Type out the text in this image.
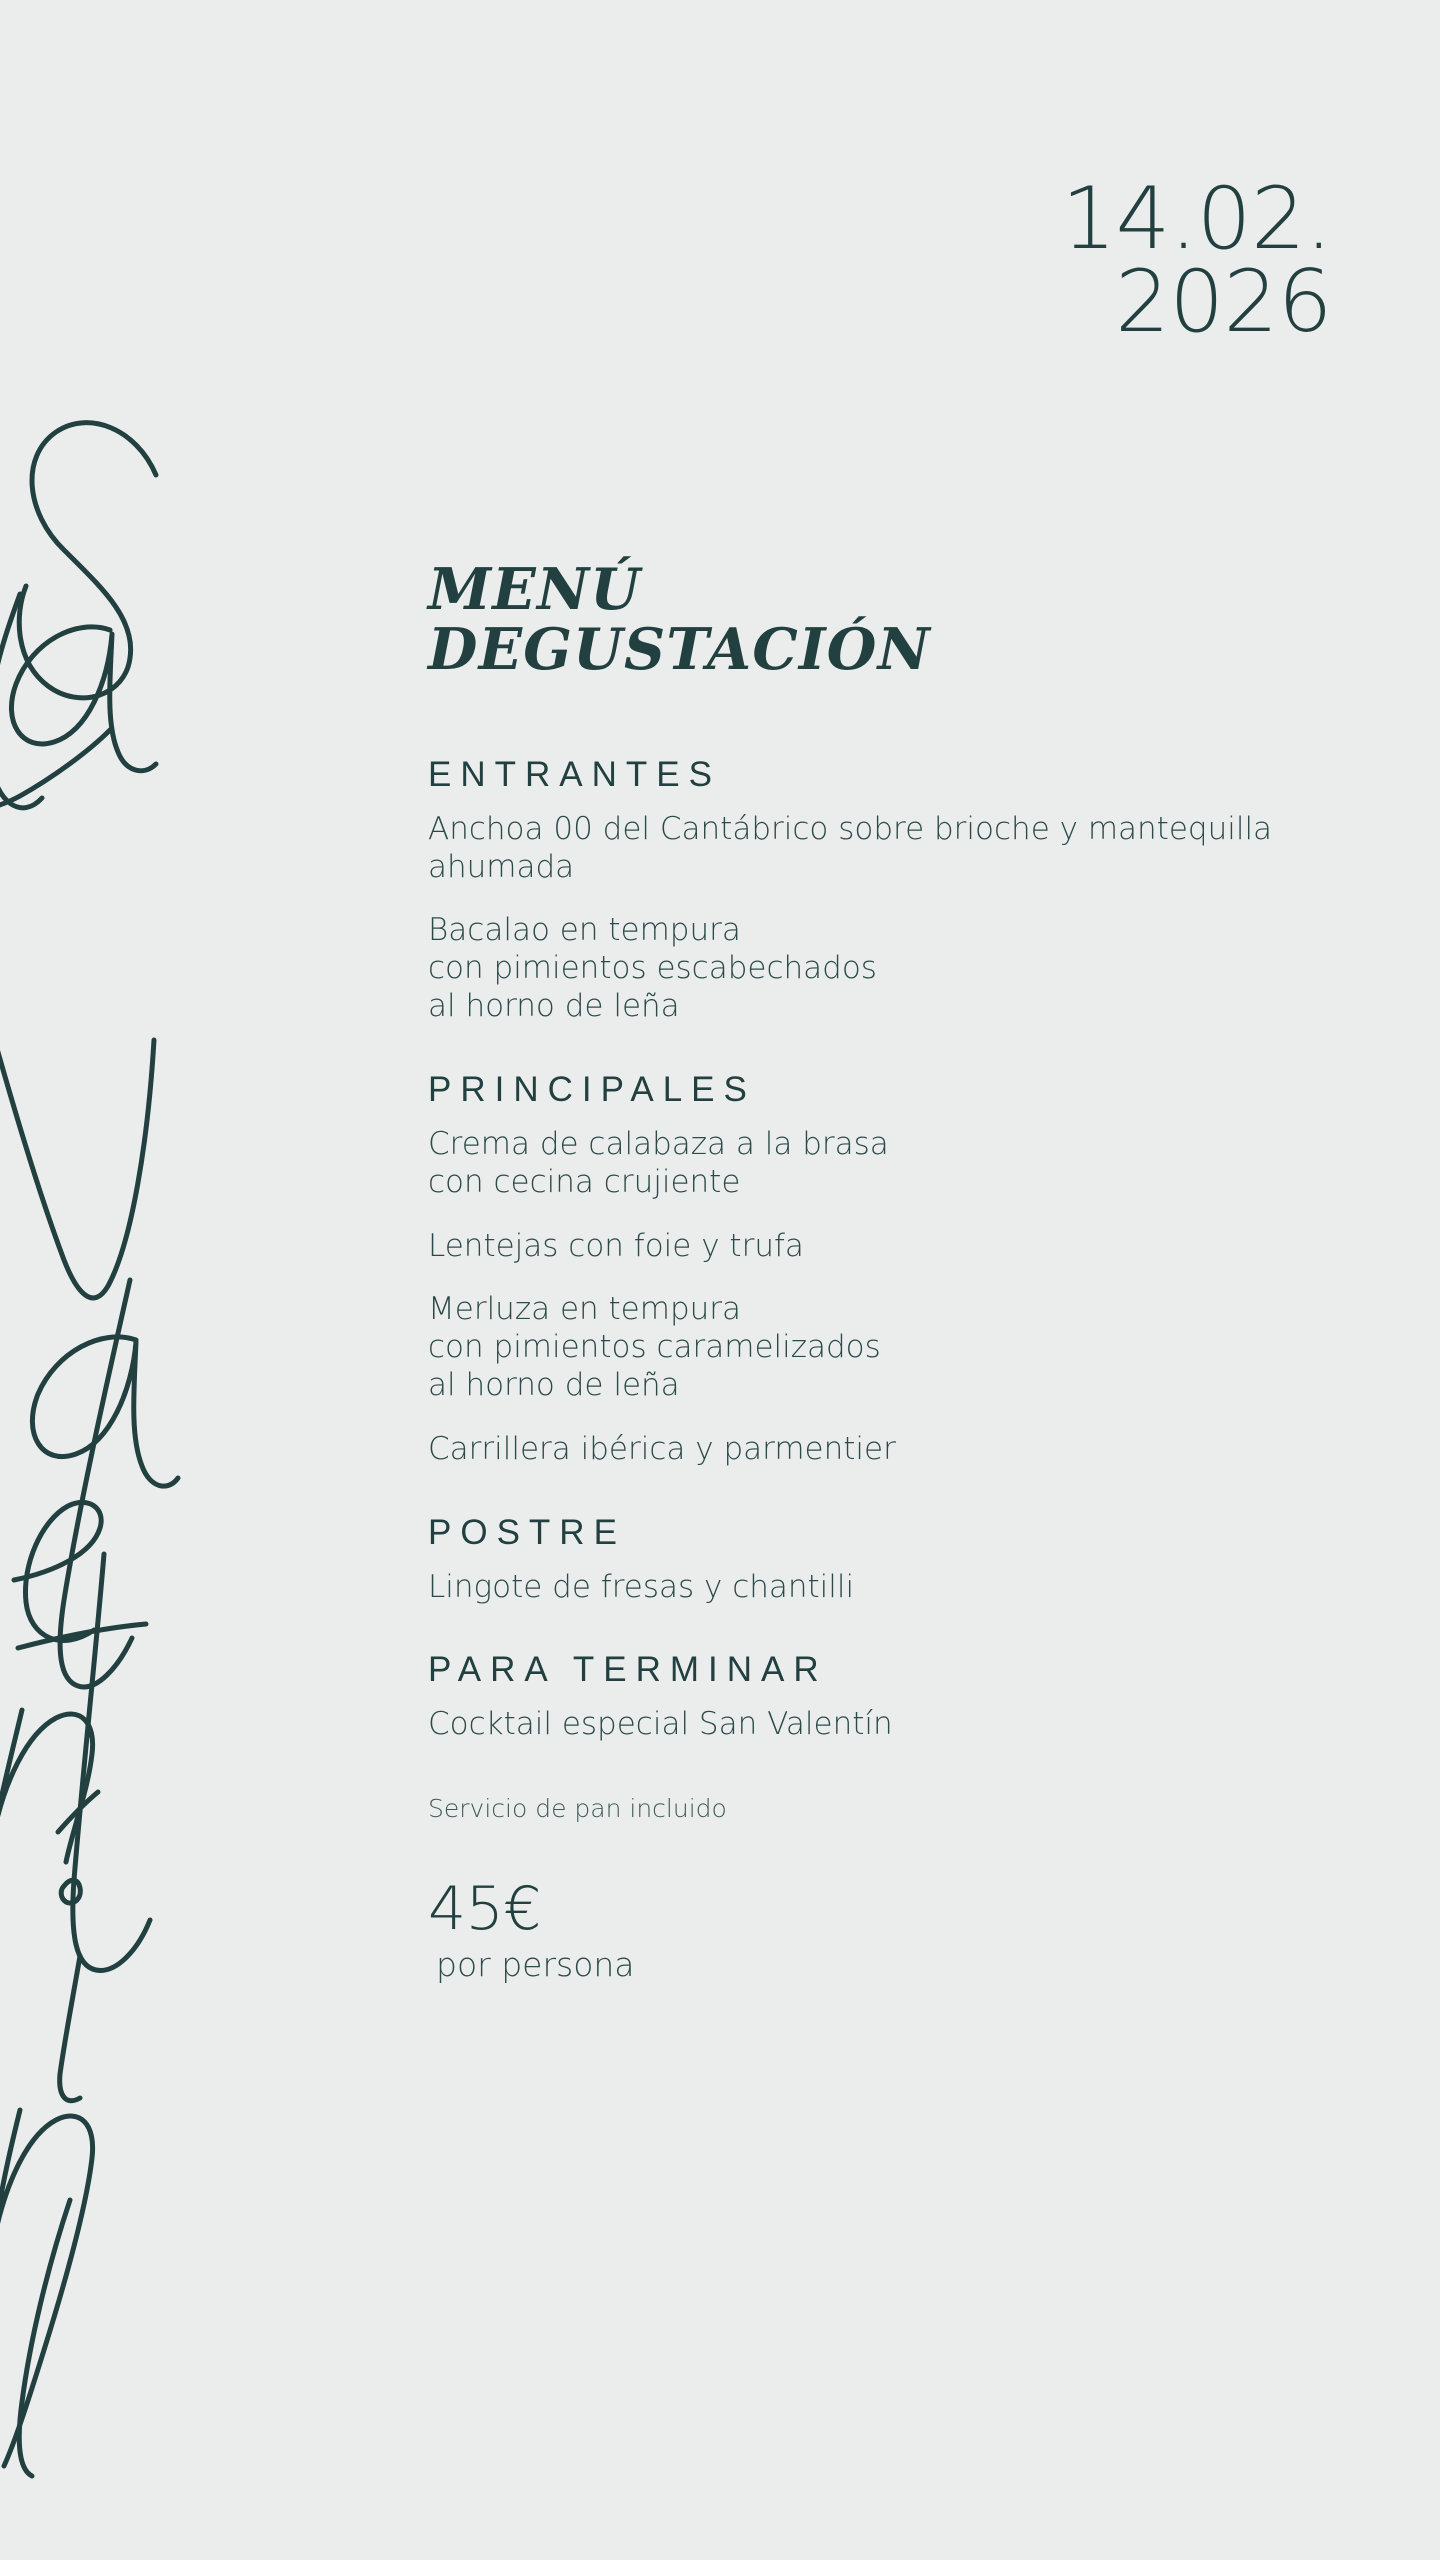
14.02.
2026
MENÚ
DEGUSTACIÓN
ENTRANTES

Anchoa 00 del Cantábrico sobre brioche y mantequilla ahumada

Bacalao en tempura
con pimientos escabechados
al horno de leña

PRINCIPALES

Crema de calabaza a la brasa
con cecina crujiente

Lentejas con foie y trufa

Merluza en tempura
con pimientos caramelizados
al horno de leña

Carrillera ibérica y parmentier

POSTRE

Lingote de fresas y chantilli

PARA TERMINAR

Cocktail especial San Valentín

Servicio de pan incluido

45€
por persona
